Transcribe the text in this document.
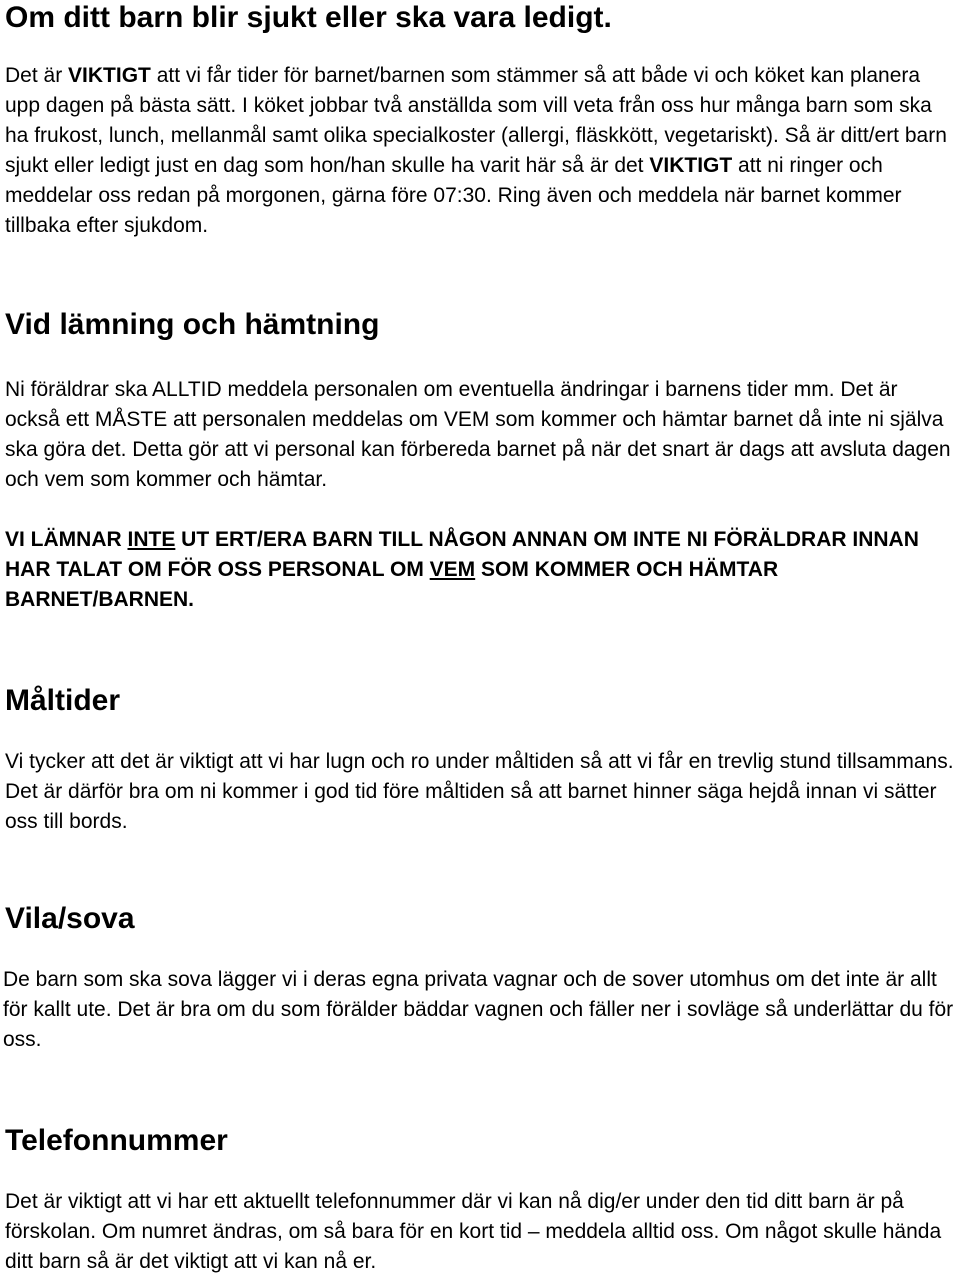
Om ditt barn blir sjukt eller ska vara ledigt.

Det är VIKTIGT att vi får tider för barnet/barnen som stämmer så att både vi och köket kan planera upp dagen på bästa sätt. I köket jobbar två anställda som vill veta från oss hur många barn som ska ha frukost, lunch, mellanmål samt olika specialkoster (allergi, fläskkött, vegetariskt). Så är ditt/ert barn sjukt eller ledigt just en dag som hon/han skulle ha varit här så är det VIKTIGT att ni ringer och meddelar oss redan på morgonen, gärna före 07:30. Ring även och meddela när barnet kommer tillbaka efter sjukdom.

Vid lämning och hämtning

Ni föräldrar ska ALLTID meddela personalen om eventuella ändringar i barnens tider mm. Det är också ett MÅSTE att personalen meddelas om VEM som kommer och hämtar barnet då inte ni själva ska göra det. Detta gör att vi personal kan förbereda barnet på när det snart är dags att avsluta dagen och vem som kommer och hämtar.

VI LÄMNAR INTE UT ERT/ERA BARN TILL NÅGON ANNAN OM INTE NI FÖRÄLDRAR INNAN HAR TALAT OM FÖR OSS PERSONAL OM VEM SOM KOMMER OCH HÄMTAR BARNET/BARNEN.

Måltider

Vi tycker att det är viktigt att vi har lugn och ro under måltiden så att vi får en trevlig stund tillsammans. Det är därför bra om ni kommer i god tid före måltiden så att barnet hinner säga hejdå innan vi sätter oss till bords.

Vila/sova

De barn som ska sova lägger vi i deras egna privata vagnar och de sover utomhus om det inte är allt för kallt ute. Det är bra om du som förälder bäddar vagnen och fäller ner i sovläge så underlättar du för oss.

Telefonnummer

Det är viktigt att vi har ett aktuellt telefonnummer där vi kan nå dig/er under den tid ditt barn är på förskolan. Om numret ändras, om så bara för en kort tid – meddela alltid oss. Om något skulle hända ditt barn så är det viktigt att vi kan nå er.
